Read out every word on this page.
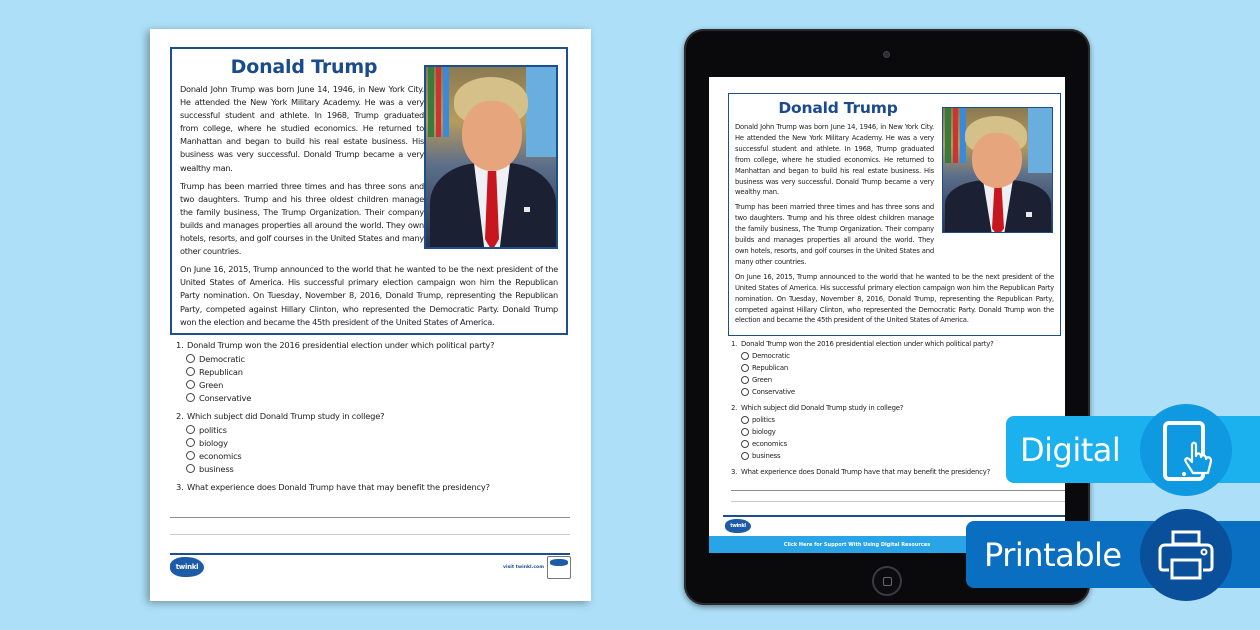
Donald Trump

Donald John Trump was born June 14, 1946, in New York City. He attended the New York Military Academy. He was a very successful student and athlete. In 1968, Trump graduated from college, where he studied economics. He returned to Manhattan and began to build his real estate business. His business was very successful. Donald Trump became a very wealthy man.

Trump has been married three times and has three sons and two daughters. Trump and his three oldest children manage the family business, The Trump Organization. Their company builds and manages properties all around the world. They own hotels, resorts, and golf courses in the United States and many other countries.

On June 16, 2015, Trump announced to the world that he wanted to be the next president of the United States of America. His successful primary election campaign won him the Republican Party nomination. On Tuesday, November 8, 2016, Donald Trump, representing the Republican Party, competed against Hillary Clinton, who represented the Democratic Party. Donald Trump won the election and became the 45th president of the United States of America.

1. Donald Trump won the 2016 presidential election under which political party?
Democratic
Republican
Green
Conservative
2. Which subject did Donald Trump study in college?
politics
biology
economics
business
3. What experience does Donald Trump have that may benefit the presidency?
twinkl	visit twinkl.com
Donald Trump

Donald John Trump was born June 14, 1946, in New York City. He attended the New York Military Academy. He was a very successful student and athlete. In 1968, Trump graduated from college, where he studied economics. He returned to Manhattan and began to build his real estate business. His business was very successful. Donald Trump became a very wealthy man.

Trump has been married three times and has three sons and two daughters. Trump and his three oldest children manage the family business, The Trump Organization. Their company builds and manages properties all around the world. They own hotels, resorts, and golf courses in the United States and many other countries.

On June 16, 2015, Trump announced to the world that he wanted to be the next president of the United States of America. His successful primary election campaign won him the Republican Party nomination. On Tuesday, November 8, 2016, Donald Trump, representing the Republican Party, competed against Hillary Clinton, who represented the Democratic Party. Donald Trump won the election and became the 45th president of the United States of America.

1. Donald Trump won the 2016 presidential election under which political party?
Democratic
Republican
Green
Conservative
2. Which subject did Donald Trump study in college?
politics
biology
economics
business
3. What experience does Donald Trump have that may benefit the presidency?
twinkl
Click Here for Support With Using Digital Resources
Digital
Printable
